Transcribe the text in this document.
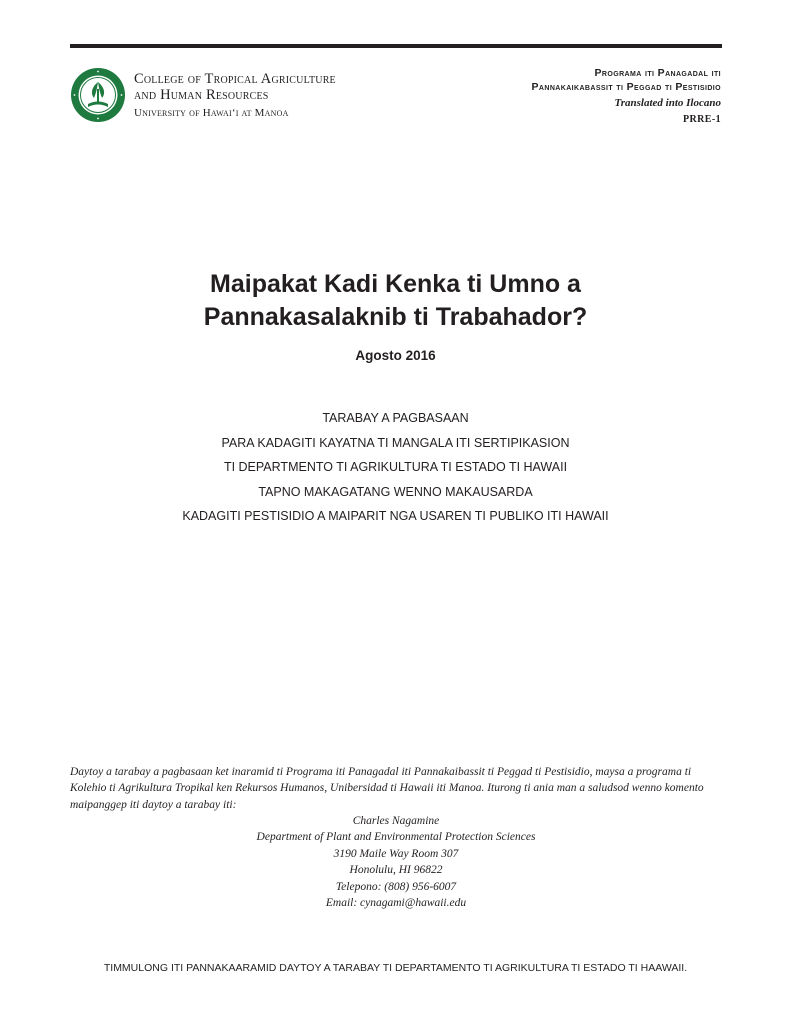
College of Tropical Agriculture
and Human Resources
University of Hawai‘i at Manoa
Programa iti Panagadal iti
Pannakaikabassit ti Peggad ti Pestisidio
Translated into Ilocano
PRRE-1
Maipakat Kadi Kenka ti Umno a
Pannakasalaknib ti Trabahador?
Agosto 2016
TARABAY A PAGBASAAN
PARA KADAGITI KAYATNA TI MANGALA ITI SERTIPIKASION
TI DEPARTMENTO TI AGRIKULTURA TI ESTADO TI HAWAII
TAPNO MAKAGATANG WENNO MAKAUSARDA
KADAGITI PESTISIDIO A MAIPARIT NGA USAREN TI PUBLIKO ITI HAWAII
Daytoy a tarabay a pagbasaan ket inaramid ti Programa iti Panagadal iti Pannakaibassit ti Peggad ti Pestisidio, maysa a programa ti Kolehio ti Agrikultura Tropikal ken Rekursos Humanos, Unibersidad ti Hawaii iti Manoa. Iturong ti ania man a saludsod wenno komento maipanggep iti daytoy a tarabay iti:
Charles Nagamine
Department of Plant and Environmental Protection Sciences
3190 Maile Way Room 307
Honolulu, HI 96822
Telepono: (808) 956-6007
Email: cynagami@hawaii.edu
TIMMULONG ITI PANNAKAARAMID DAYTOY A TARABAY TI DEPARTAMENTO TI AGRIKULTURA TI ESTADO TI HAAWAII.
